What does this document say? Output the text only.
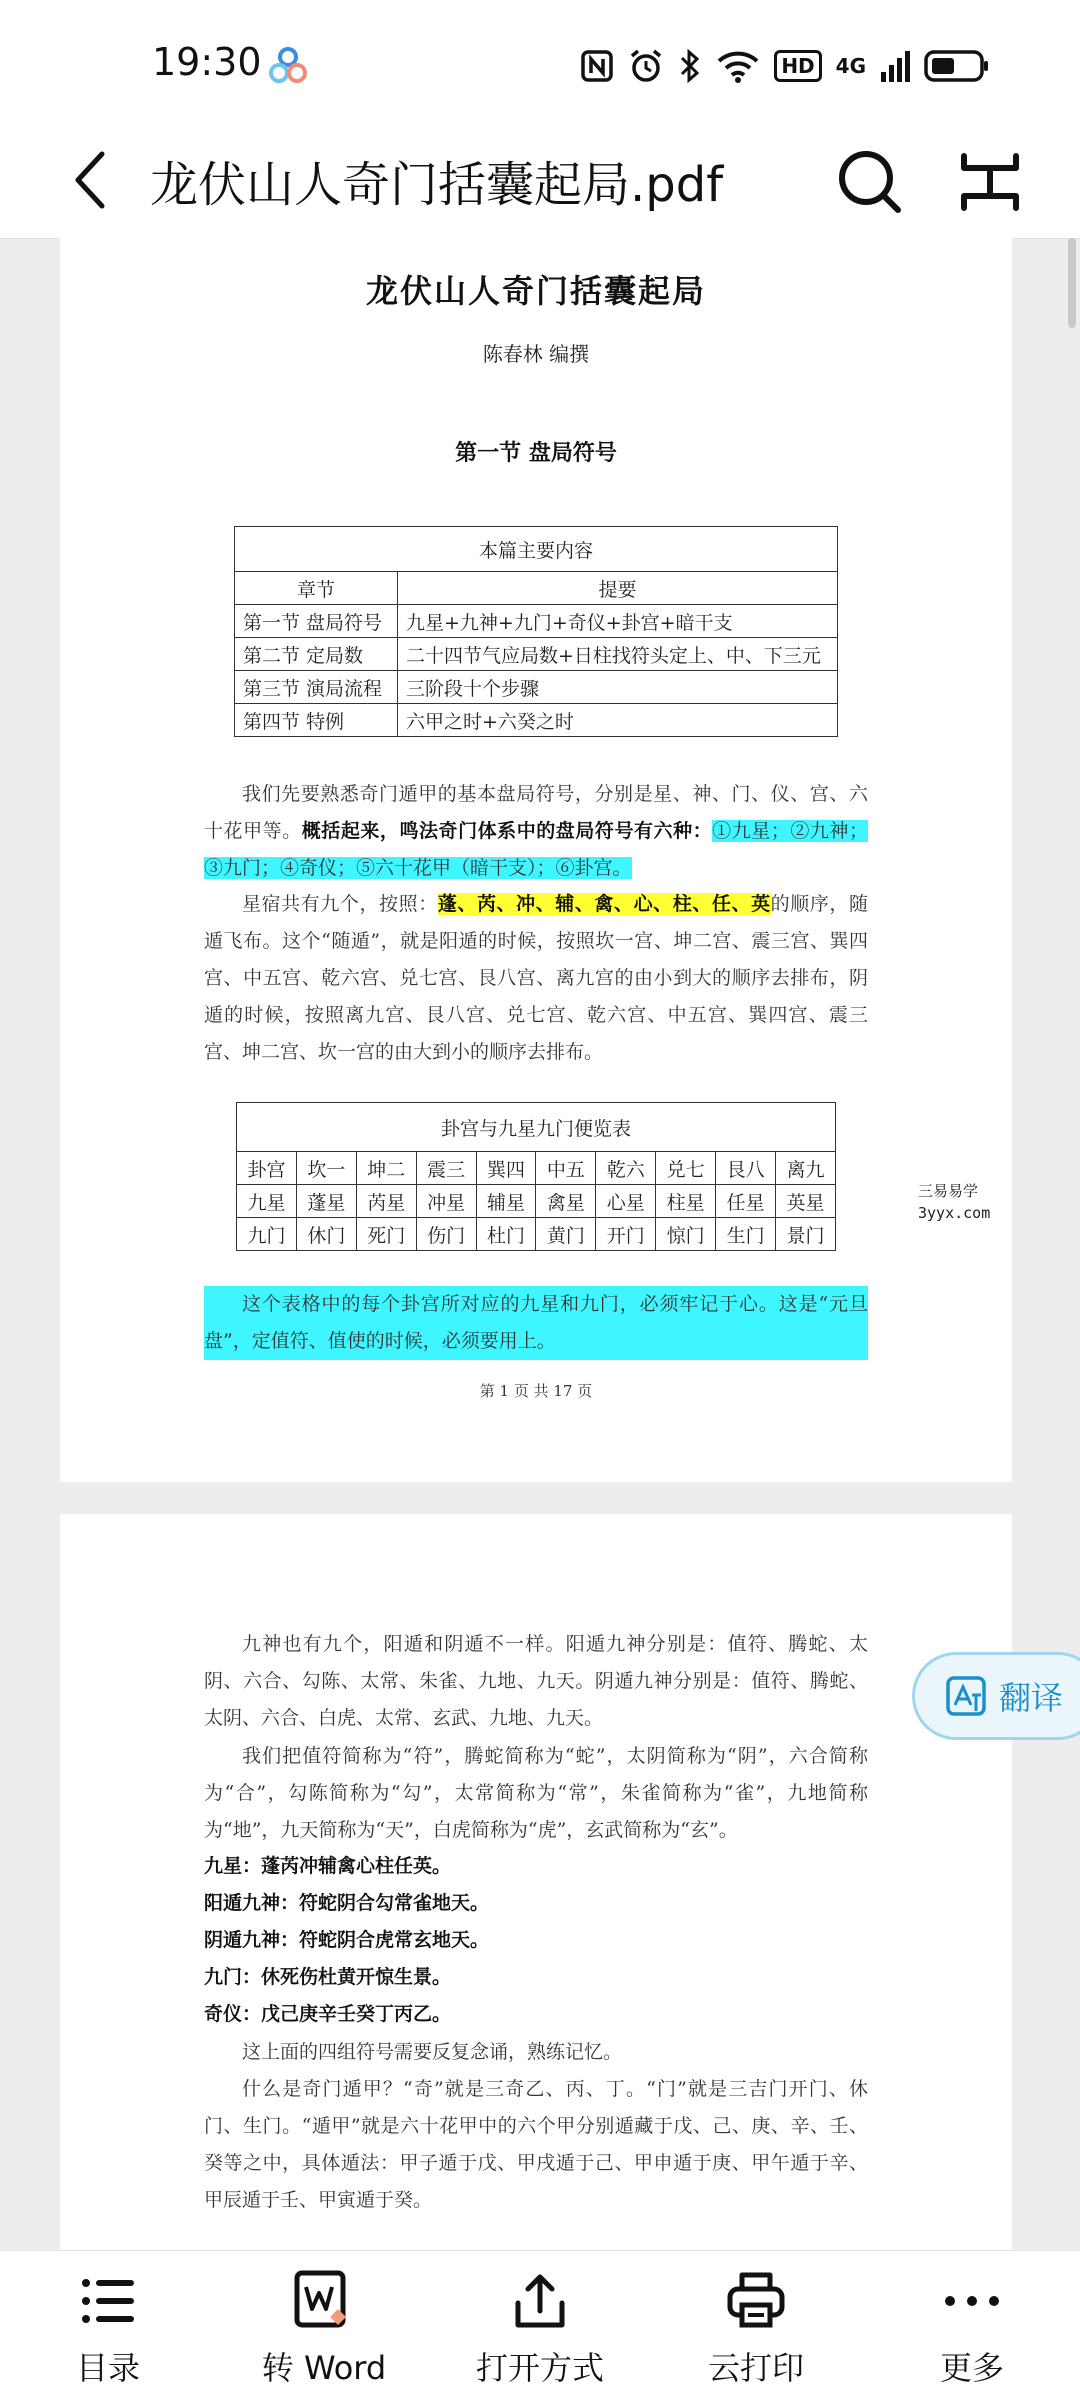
19:30	HD	4G
龙伏山人奇门括囊起局.pdf
龙伏山人奇门括囊起局
陈春林 编撰
第一节 盘局符号
本篇主要内容	
章节	提要
第一节 盘局符号	九星+九神+九门+奇仪+卦宫+暗干支
第二节 定局数	二十四节气应局数+日柱找符头定上、中、下三元
第三节 演局流程	三阶段十个步骤
第四节 特例	六甲之时+六癸之时
我们先要熟悉奇门遁甲的基本盘局符号，分别是星、神、门、仪、宫、六十花甲等。概括起来，鸣法奇门体系中的盘局符号有六种：①九星；②九神；③九门；④奇仪；⑤六十花甲（暗干支）；⑥卦宫。
星宿共有九个，按照：蓬、芮、冲、辅、禽、心、柱、任、英的顺序，随遁飞布。这个“随遁”，就是阳遁的时候，按照坎一宫、坤二宫、震三宫、巽四宫、中五宫、乾六宫、兑七宫、艮八宫、离九宫的由小到大的顺序去排布，阴遁的时候，按照离九宫、艮八宫、兑七宫、乾六宫、中五宫、巽四宫、震三宫、坤二宫、坎一宫的由大到小的顺序去排布。
卦宫与九星九门便览表									
卦宫	坎一	坤二	震三	巽四	中五	乾六	兑七	艮八	离九
九星	蓬星	芮星	冲星	辅星	禽星	心星	柱星	任星	英星
九门	休门	死门	伤门	杜门	黄门	开门	惊门	生门	景门
这个表格中的每个卦宫所对应的九星和九门，必须牢记于心。这是“元旦盘”，定值符、值使的时候，必须要用上。
第 1 页 共 17 页
三易易学
3yyx.com
九神也有九个，阳遁和阴遁不一样。阳遁九神分别是：值符、腾蛇、太阴、六合、勾陈、太常、朱雀、九地、九天。阴遁九神分别是：值符、腾蛇、太阴、六合、白虎、太常、玄武、九地、九天。
我们把值符简称为“符”，腾蛇简称为“蛇”，太阴简称为“阴”，六合简称为“合”，勾陈简称为“勾”，太常简称为“常”，朱雀简称为“雀”，九地简称为“地”，九天简称为“天”，白虎简称为“虎”，玄武简称为“玄”。
九星：蓬芮冲辅禽心柱任英。
阳遁九神：符蛇阴合勾常雀地天。
阴遁九神：符蛇阴合虎常玄地天。
九门：休死伤杜黄开惊生景。
奇仪：戊己庚辛壬癸丁丙乙。
这上面的四组符号需要反复念诵，熟练记忆。
什么是奇门遁甲？“奇”就是三奇乙、丙、丁。“门”就是三吉门开门、休门、生门。“遁甲”就是六十花甲中的六个甲分别遁藏于戊、己、庚、辛、壬、癸等之中，具体遁法：甲子遁于戊、甲戌遁于己、甲申遁于庚、甲午遁于辛、甲辰遁于壬、甲寅遁于癸。
翻译
目录	转 Word	打开方式	云打印	更多
